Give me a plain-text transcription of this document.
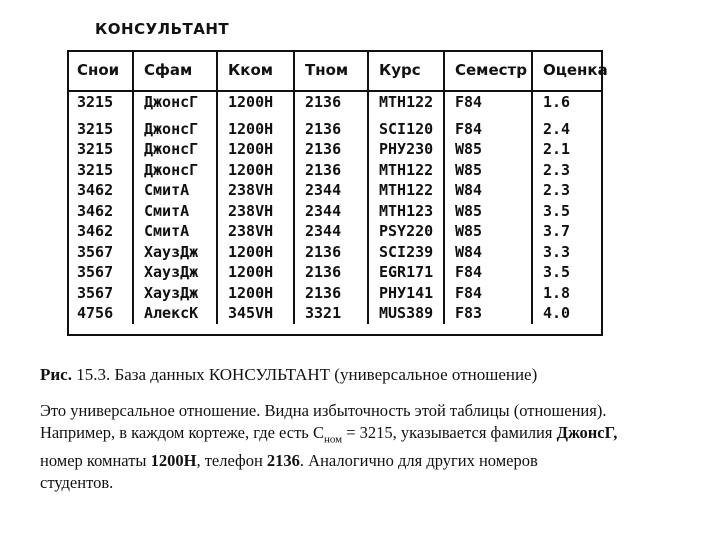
КОНСУЛЬТАНТ
Снои	Сфам	Кком	Тном	Курс	Семестр	Оценка
3215	ДжонсГ	1200Н	2136	МТН122	F84	1.6
3215	ДжонсГ	1200Н	2136	SCI120	F84	2.4
3215	ДжонсГ	1200Н	2136	РНУ230	W85	2.1
3215	ДжонсГ	1200Н	2136	МТН122	W85	2.3
3462	СмитА	238VН	2344	МТН122	W84	2.3
3462	СмитА	238VН	2344	МТН123	W85	3.5
3462	СмитА	238VН	2344	PSY220	W85	3.7
3567	ХаузДж	1200Н	2136	SCI239	W84	3.3
3567	ХаузДж	1200Н	2136	EGR171	F84	3.5
3567	ХаузДж	1200Н	2136	РНУ141	F84	1.8
4756	АлексК	345VН	3321	MUS389	F83	4.0
Рис. 15.3. База данных КОНСУЛЬТАНТ (универсальное отношение)
Это универсальное отношение. Видна избыточность этой таблицы (отношения).
Например, в каждом кортеже, где есть $С_{ном} = 3215$, указывается фамилия ДжонсГ,
номер комнаты 1200Н, телефон 2136. Аналогично для других номеров
студентов.
